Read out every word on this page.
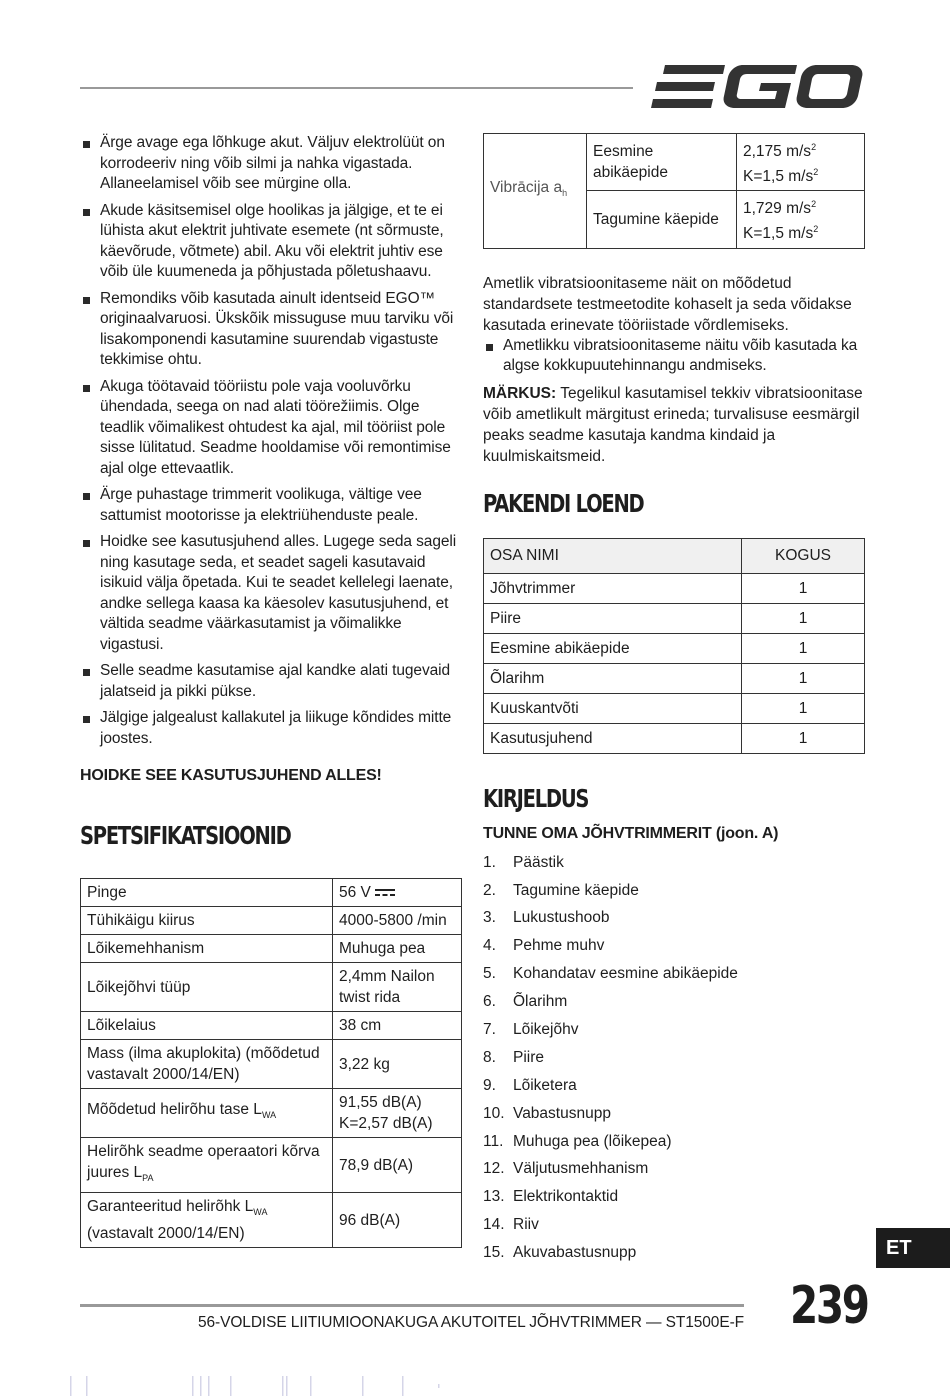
Ärge avage ega lõhkuge akut. Väljuv elektrolüüt on korrodeeriv ning võib silmi ja nahka vigastada. Allaneelamisel võib see mürgine olla.
Akude käsitsemisel olge hoolikas ja jälgige, et te ei lühista akut elektrit juhtivate esemete (nt sõrmuste, käevõrude, võtmete) abil. Aku või elektrit juhtiv ese võib üle kuumeneda ja põhjustada põletushaavu.
Remondiks võib kasutada ainult identseid EGO™ originaalvaruosi. Ükskõik missuguse muu tarviku või lisakomponendi kasutamine suurendab vigastuste tekkimise ohtu.
Akuga töötavaid tööriistu pole vaja vooluvõrku ühendada, seega on nad alati töörežiimis. Olge teadlik võimalikest ohtudest ka ajal, mil tööriist pole sisse lülitatud. Seadme hooldamise või remontimise ajal olge ettevaatlik.
Ärge puhastage trimmerit voolikuga, vältige vee sattumist mootorisse ja elektriühenduste peale.
Hoidke see kasutusjuhend alles. Lugege seda sageli ning kasutage seda, et seadet sageli kasutavaid isikuid välja õpetada. Kui te seadet kellelegi laenate, andke sellega kaasa ka käesolev kasutusjuhend, et vältida seadme väärkasutamist ja võimalikke vigastusi.
Selle seadme kasutamise ajal kandke alati tugevaid jalatseid ja pikki pükse.
Jälgige jalgealust kallakutel ja liikuge kõndides mitte joostes.
HOIDKE SEE KASUTUSJUHEND ALLES!
SPETSIFIKATSIOONID
Pinge	56 V
Tühikäigu kiirus	4000-5800 /min
Lõikemehhanism	Muhuga pea
Lõikejõhvi tüüp	2,4mm Nailon twist rida
Lõikelaius	38 cm
Mass (ilma akuplokita) (mõõdetud vastavalt 2000/14/EN)	3,22 kg
Mõõdetud helirõhu tase $L_{WA}$	91,55 dB(A) K=2,57 dB(A)
Helirõhk seadme operaatori kõrva juures $L_{PA}$	78,9 dB(A)
Garanteeritud helirõhk $L_{WA}$
(vastavalt 2000/14/EN)	96 dB(A)
Vibrācija $a_h$	Eesmine abikäepide	2,175 $m/s^2$
K=1,5 $m/s^2$
	Tagumine käepide	1,729 $m/s^2$
K=1,5 $m/s^2$

Ametlik vibratsioonitaseme näit on mõõdetud standardsete testmeetodite kohaselt ja seda võidakse kasutada erinevate tööriistade võrdlemiseks.

Ametlikku vibratsioonitaseme näitu võib kasutada ka algse kokkupuutehinnangu andmiseks.

MÄRKUS: Tegelikul kasutamisel tekkiv vibratsioonitase võib ametlikult märgitust erineda; turvalisuse eesmärgil peaks seadme kasutaja kandma kindaid ja kuulmiskaitsmeid.

PAKENDI LOEND
OSA NIMI	KOGUS
Jõhvtrimmer	1
Piire	1
Eesmine abikäepide	1
Õlarihm	1
Kuuskantvõti	1
Kasutusjuhend	1
KIRJELDUS
TUNNE OMA JÕHVTRIMMERIT (joon. A)
1.	Päästik
2.	Tagumine käepide
3.	Lukustushoob
4.	Pehme muhv
5.	Kohandatav eesmine abikäepide
6.	Õlarihm
7.	Lõikejõhv
8.	Piire
9.	Lõiketera
10. Vabastusnupp
11. Muhuga pea (lõikepea)
12. Väljutusmehhanism
13. Elektrikontaktid
14. Riiv
15. Akuvabastusnupp	ET
239
56-VOLDISE LIITIUMIOONAKUGA AKUTOITEL JÕHVTRIMMER — ST1500E-F
